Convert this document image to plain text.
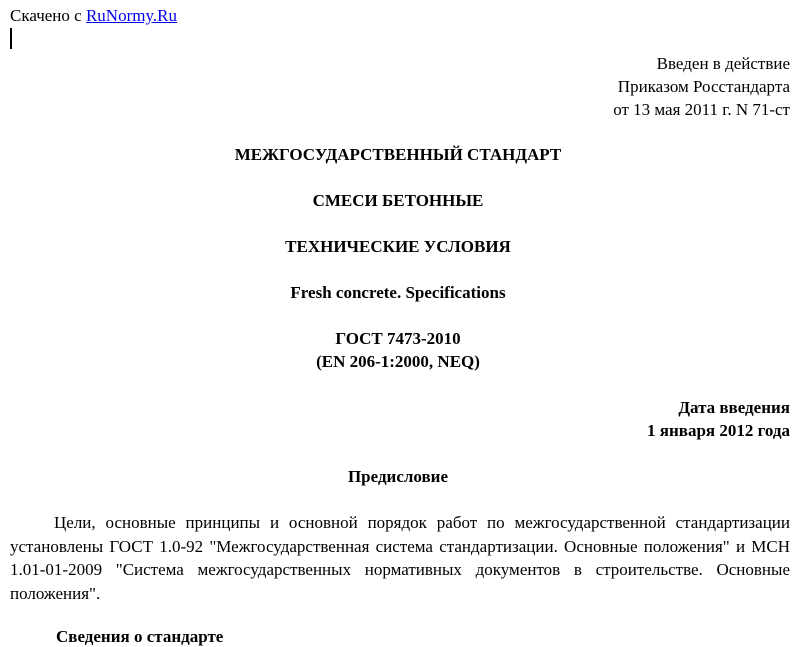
Скачено с RuNormy.Ru
Введен в действие
Приказом Росстандарта
от 13 мая 2011 г. N 71-ст
МЕЖГОСУДАРСТВЕННЫЙ СТАНДАРТ
СМЕСИ БЕТОННЫЕ
ТЕХНИЧЕСКИЕ УСЛОВИЯ
Fresh concrete. Specifications
ГОСТ 7473-2010
(EN 206-1:2000, NEQ)
Дата введения
1 января 2012 года
Предисловие
Цели, основные принципы и основной порядок работ по межгосударственной стандартизации установлены ГОСТ 1.0-92 "Межгосударственная система стандартизации. Основные положения" и МСН 1.01-01-2009 "Система межгосударственных нормативных документов в строительстве. Основные положения".
Сведения о стандарте
